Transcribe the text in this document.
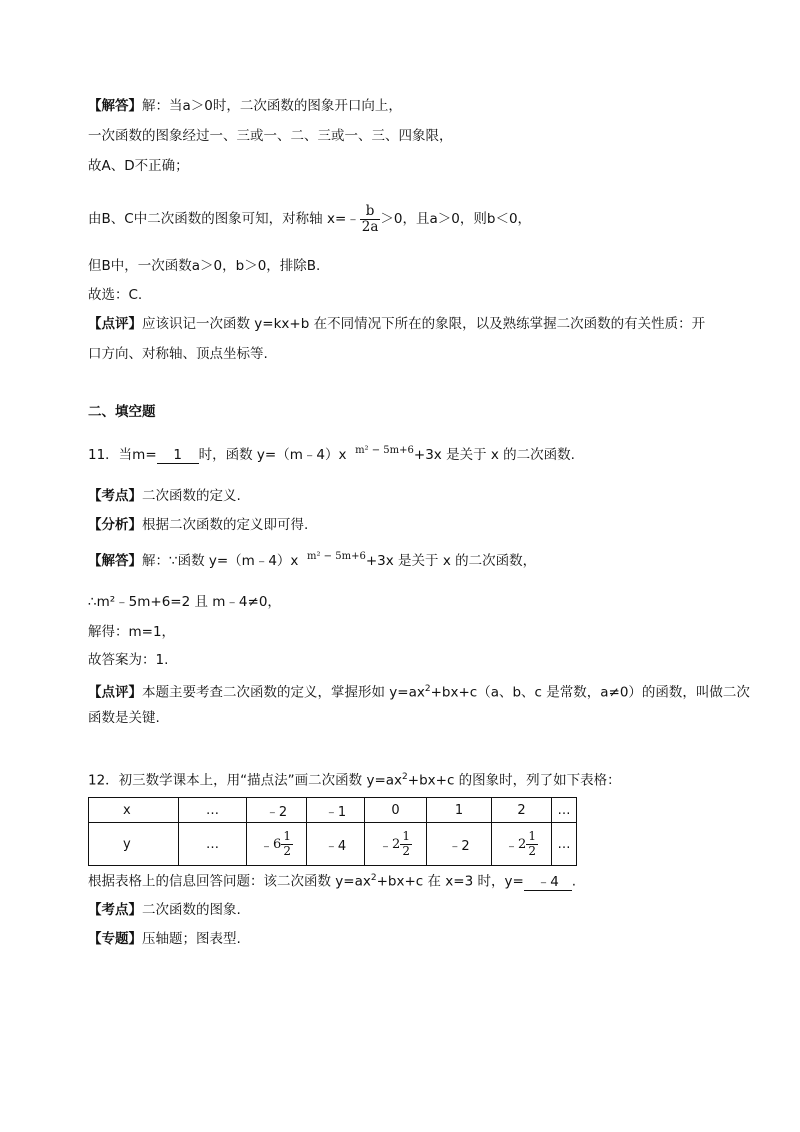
【解答】解：当a＞0时，二次函数的图象开口向上，
一次函数的图象经过一、三或一、二、三或一、三、四象限，
故A、D不正确；
由B、C中二次函数的图象可知，对称轴 x=﹣ $\frac{b}{2a} >0$，且a＞0，则b＜0，
但B中，一次函数a＞0，b＞0，排除B.
故选：C.
【点评】应该识记一次函数 y=kx+b 在不同情况下所在的象限，以及熟练掌握二次函数的有关性质：开
口方向、对称轴、顶点坐标等.
二、填空题
11．当m= 1 时，函数 y=（m﹣4）x $^{m^2 - 5m+6}$+3x 是关于 x 的二次函数.
【考点】二次函数的定义.
【分析】根据二次函数的定义即可得.
【解答】解：∵函数 y=（m﹣4）x $^{m^2 - 5m+6}$+3x 是关于 x 的二次函数，
∴m²﹣5m+6=2 且 m﹣4≠0，
解得：m=1，
故答案为：1.
【点评】本题主要考查二次函数的定义，掌握形如 $y=ax^2+bx+c(a$、b、c 是常数，a≠0）的函数，叫做二次
函数是关键.
12．初三数学课本上，用“描点法”画二次函数 $y=ax^2+bx+c$ 的图象时，列了如下表格：
x	…	﹣2	﹣1	0	1	2	…
y	…	﹣ $6 \frac{1}{2}$	﹣4	﹣ $2 \frac{1}{2}$	﹣2	﹣ $2 \frac{1}{2}$	…
根据表格上的信息回答问题：该二次函数 $y=ax^2+bx+c$ 在 x=3 时，y= ﹣4 .
【考点】二次函数的图象.
【专题】压轴题；图表型.
